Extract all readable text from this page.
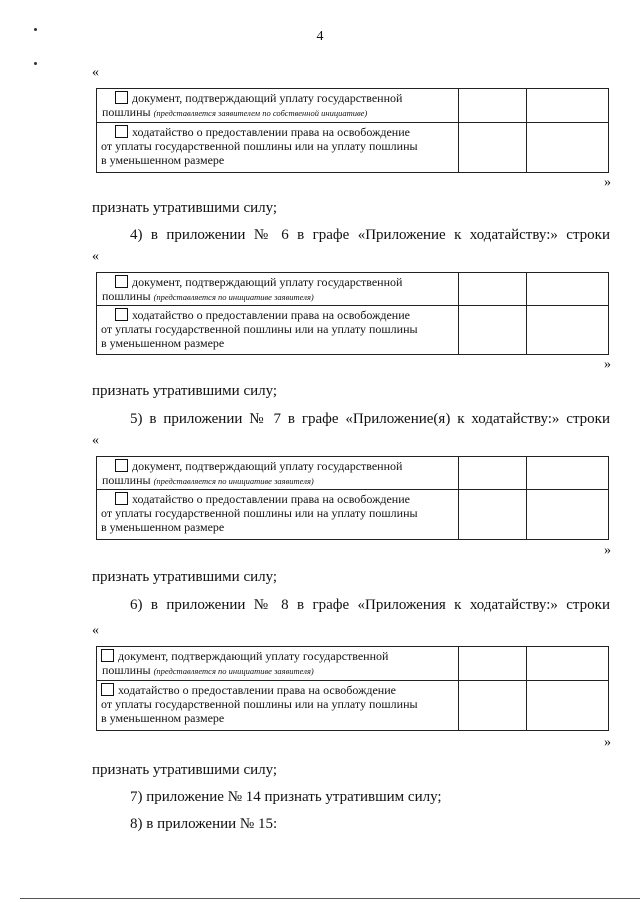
4
«
документ, подтверждающий уплату государственной
пошлины (представляется заявителем по собственной инициативе)		

ходатайство о предоставлении права на освобождение
от уплаты государственной пошлины или на уплату пошлины
в уменьшенном размере		

»
признать утратившими силу;
4) в приложении № 6 в графе «Приложение к ходатайству:» строки
«
документ, подтверждающий уплату государственной
пошлины (представляется по инициативе заявителя)		

ходатайство о предоставлении права на освобождение
от уплаты государственной пошлины или на уплату пошлины
в уменьшенном размере		

»
признать утратившими силу;
5) в приложении № 7 в графе «Приложение(я) к ходатайству:» строки
«
документ, подтверждающий уплату государственной
пошлины (представляется по инициативе заявителя)		

ходатайство о предоставлении права на освобождение
от уплаты государственной пошлины или на уплату пошлины
в уменьшенном размере		

»
признать утратившими силу;
6) в приложении № 8 в графе «Приложения к ходатайству:» строки
«
документ, подтверждающий уплату государственной
пошлины (представляется по инициативе заявителя)		

ходатайство о предоставлении права на освобождение
от уплаты государственной пошлины или на уплату пошлины
в уменьшенном размере		

»
признать утратившими силу;
7) приложение № 14 признать утратившим силу;
8) в приложении № 15:
